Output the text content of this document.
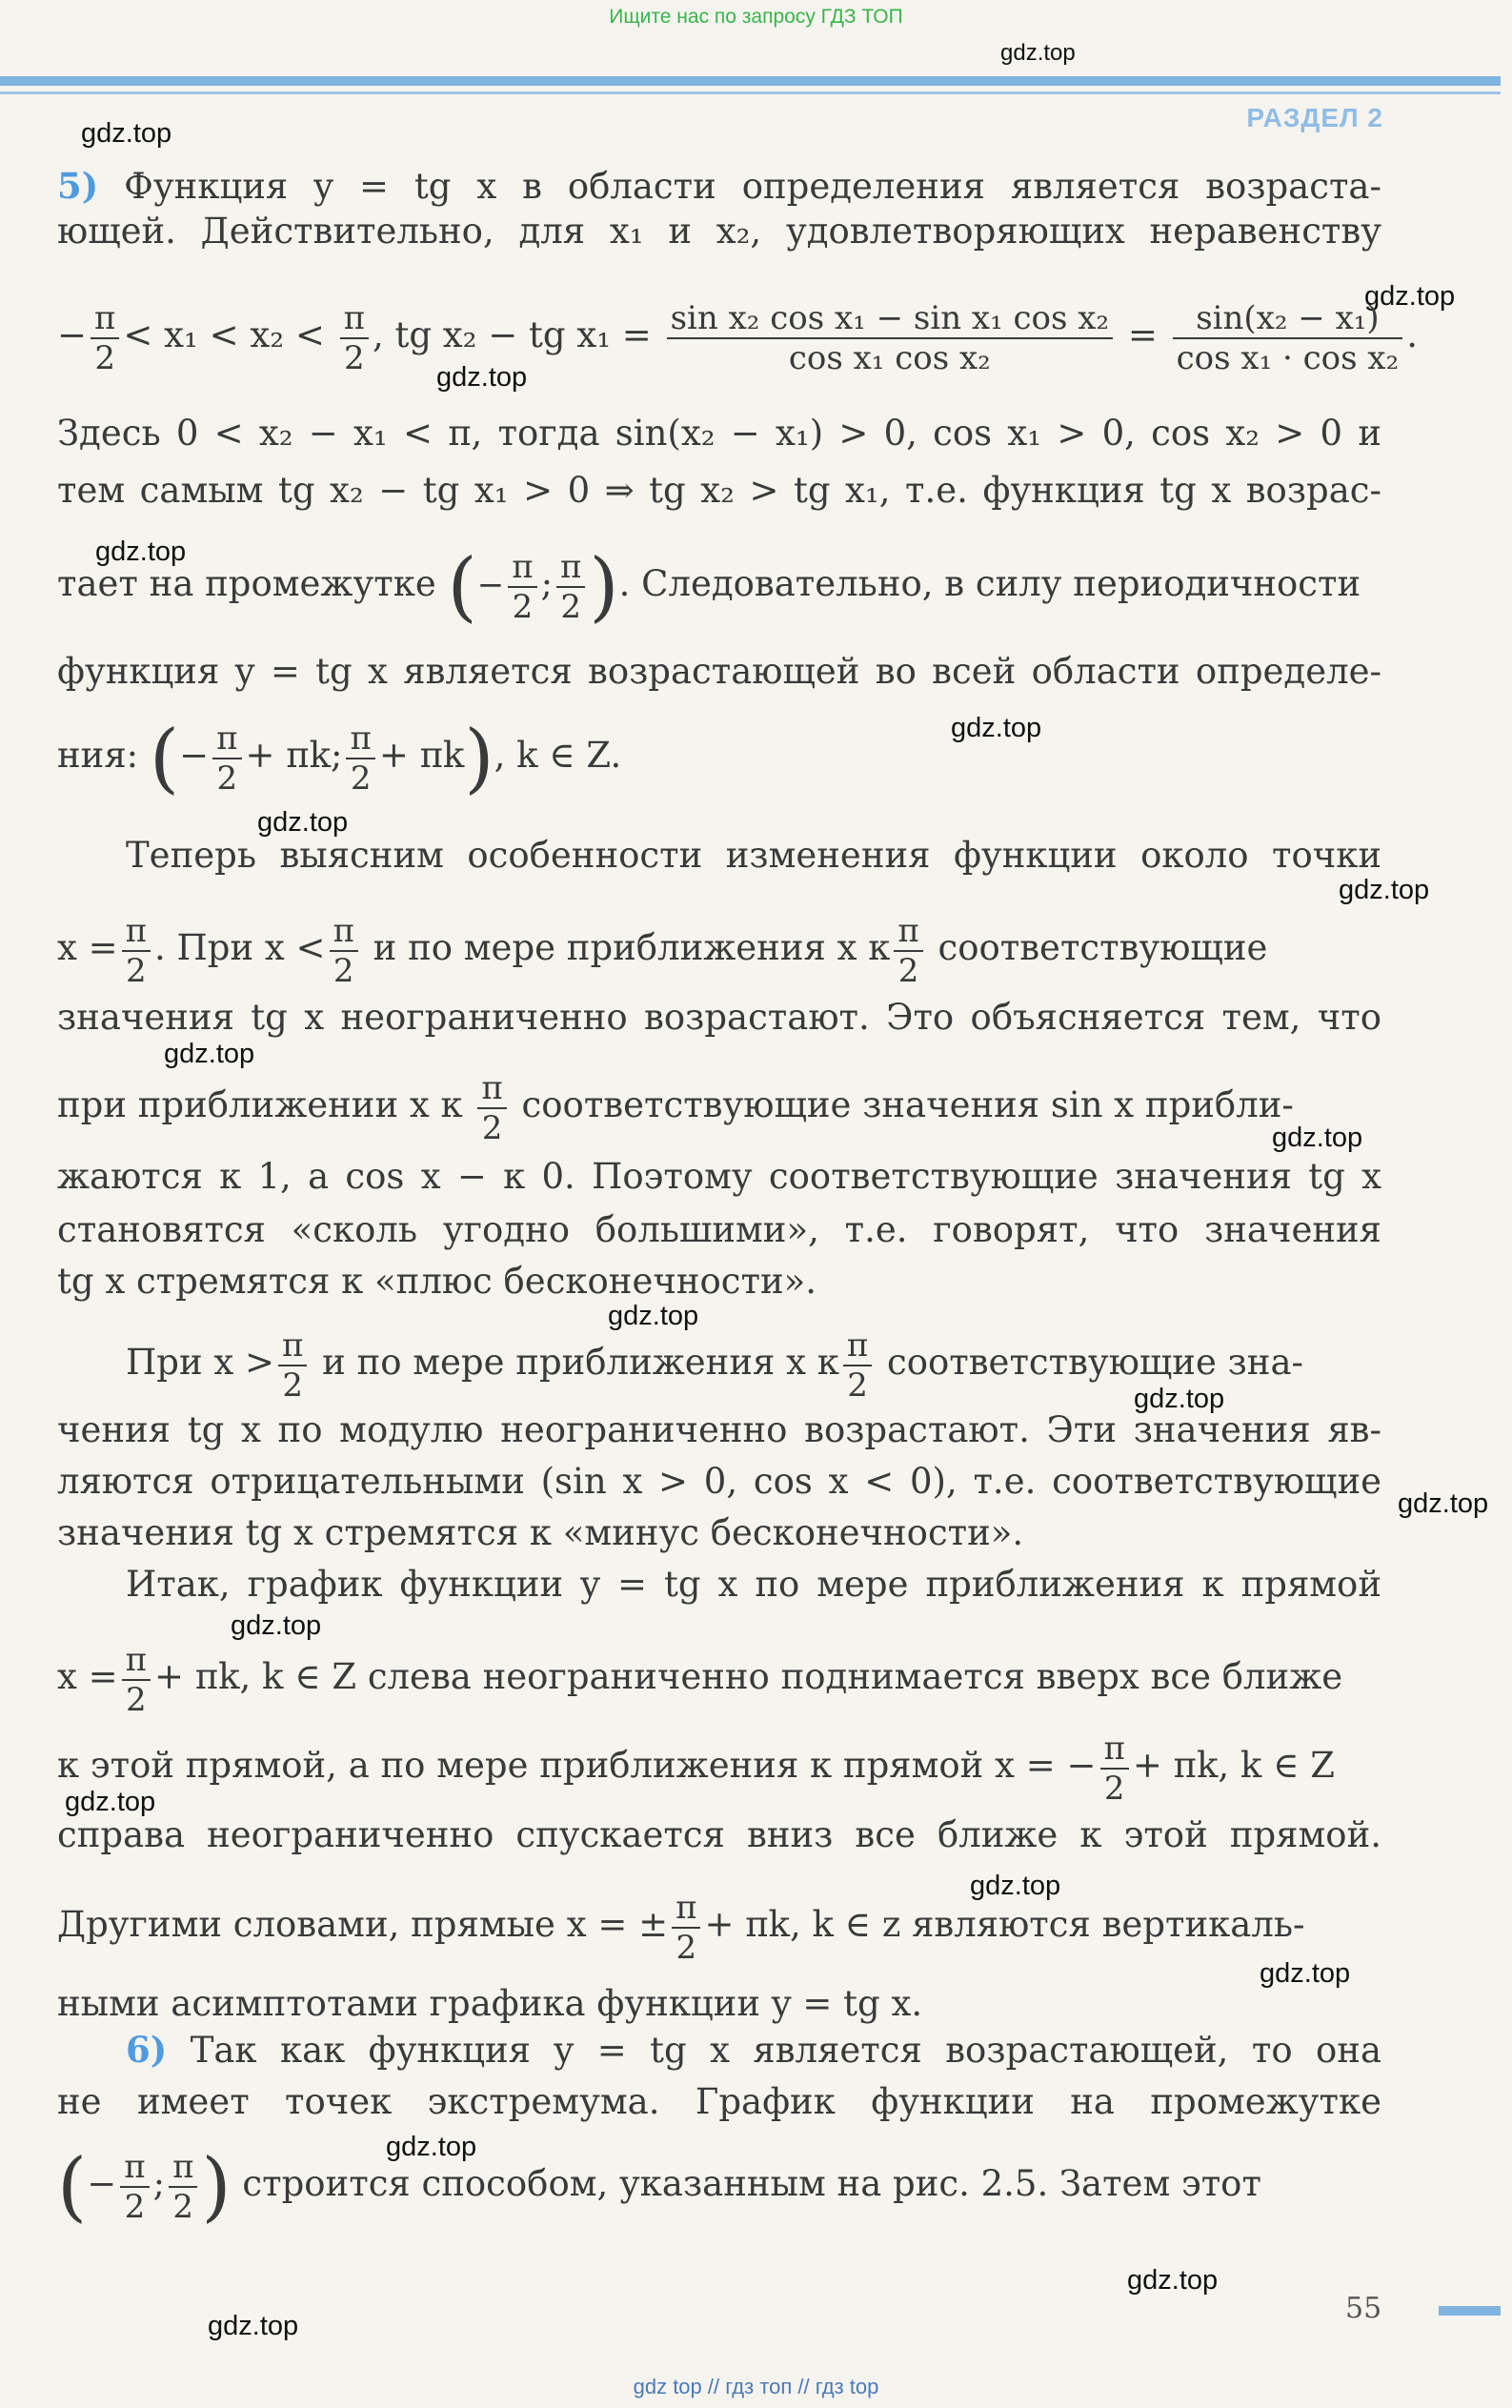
Ищите нас по запросу ГДЗ ТОП
РАЗДЕЛ 2
gdz.top
gdz.top
gdz.top
gdz.top
gdz.top
gdz.top
gdz.top
gdz.top
gdz.top
gdz.top
gdz.top
gdz.top
gdz.top
gdz.top
gdz.top
gdz.top
gdz.top
gdz.top
gdz.top
gdz.top
5) Функция y = tg x в области определения является возраста-
ющей. Действительно, для x₁ и x₂, удовлетворяющих неравенству
− $\frac{\pi}{2} < x_1 < x_2 < \frac{\pi}{2}$ , tg x₂ − tg $x_1 = \frac{\text{sin x₂ cos x₁ − sin x₁ cos x₂}}{\text{cos x₁ cos x₂}} = \frac{\text{sin(x₂ − x₁)}}{\text{cos x₁ · cos x₂}}$ .
Здесь 0 < x₂ − x₁ < π, тогда sin(x₂ − x₁) > 0, cos x₁ > 0, cos x₂ > 0 и
тем самым tg x₂ − tg x₁ > 0 ⇒ tg x₂ > tg x₁, т.е. функция tg x возрас-
тает на промежутке (− $\frac{\pi}{2}$ ; $\frac{\pi}{2}$ ). Следовательно, в силу периодичности
функция y = tg x является возрастающей во всей области определе-
ния: (− $\frac{\pi}{2} + \pi k$; $\frac{\pi}{2} + \pi k$), k ∈ Z.
Теперь выясним особенности изменения функции около точки
$x = \frac{\pi}{2}$ . При $x < \frac{\pi}{2}$ и по мере приближения x к $\frac{\pi}{2}$ соответствующие
значения tg x неограниченно возрастают. Это объясняется тем, что
при приближении x к $\frac{\pi}{2}$ соответствующие значения sin x прибли-
жаются к 1, а cos x − к 0. Поэтому соответствующие значения tg x
становятся «сколь угодно большими», т.е. говорят, что значения
tg x стремятся к «плюс бесконечности».
При $x > \frac{\pi}{2}$ и по мере приближения x к $\frac{\pi}{2}$ соответствующие зна-
чения tg x по модулю неограниченно возрастают. Эти значения яв-
ляются отрицательными (sin x > 0, cos x < 0), т.е. соответствующие
значения tg x стремятся к «минус бесконечности».
Итак, график функции y = tg x по мере приближения к прямой
$x = \frac{\pi}{2} + \pi k$, k ∈ Z слева неограниченно поднимается вверх все ближе
к этой прямой, а по мере приближения к прямой x = − $\frac{\pi}{2} + \pi k$, k ∈ Z
справа неограниченно спускается вниз все ближе к этой прямой.
Другими словами, прямые x = ± $\frac{\pi}{2} + \pi k$, k ∈ z являются вертикаль-
ными асимптотами графика функции y = tg x.
6) Так как функция y = tg x является возрастающей, то она
не имеет точек экстремума. График функции на промежутке
(− $\frac{\pi}{2}$ ; $\frac{\pi}{2}$ ) строится способом, указанным на рис. 2.5. Затем этот
55
gdz top // гдз топ // гдз top
